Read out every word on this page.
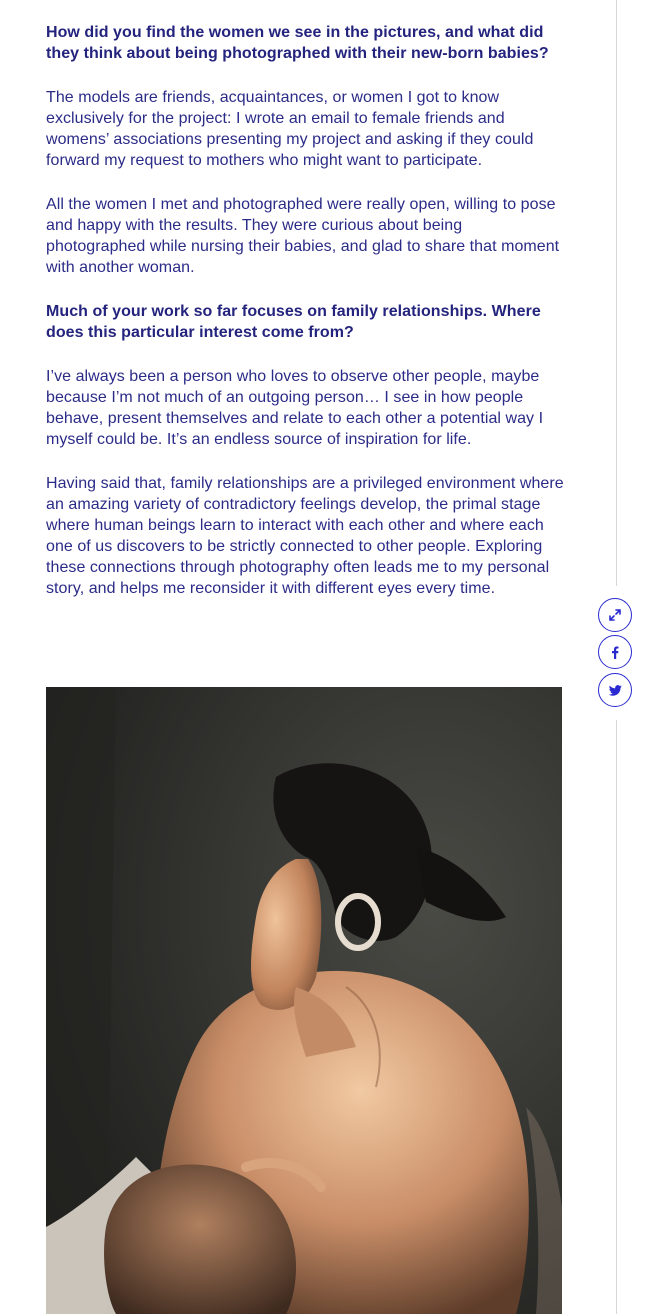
How did you find the women we see in the pictures, and what did they think about being photographed with their new-born babies?

The models are friends, acquaintances, or women I got to know exclusively for the project: I wrote an email to female friends and womens’ associations presenting my project and asking if they could forward my request to mothers who might want to participate.

All the women I met and photographed were really open, willing to pose and happy with the results. They were curious about being photographed while nursing their babies, and glad to share that moment with another woman.

Much of your work so far focuses on family relationships. Where does this particular interest come from?

I’ve always been a person who loves to observe other people, maybe because I’m not much of an outgoing person… I see in how people behave, present themselves and relate to each other a potential way I myself could be. It’s an endless source of inspiration for life.

Having said that, family relationships are a privileged environment where an amazing variety of contradictory feelings develop, the primal stage where human beings learn to interact with each other and where each one of us discovers to be strictly connected to other people. Exploring these connections through photography often leads me to my personal story, and helps me reconsider it with different eyes every time.
